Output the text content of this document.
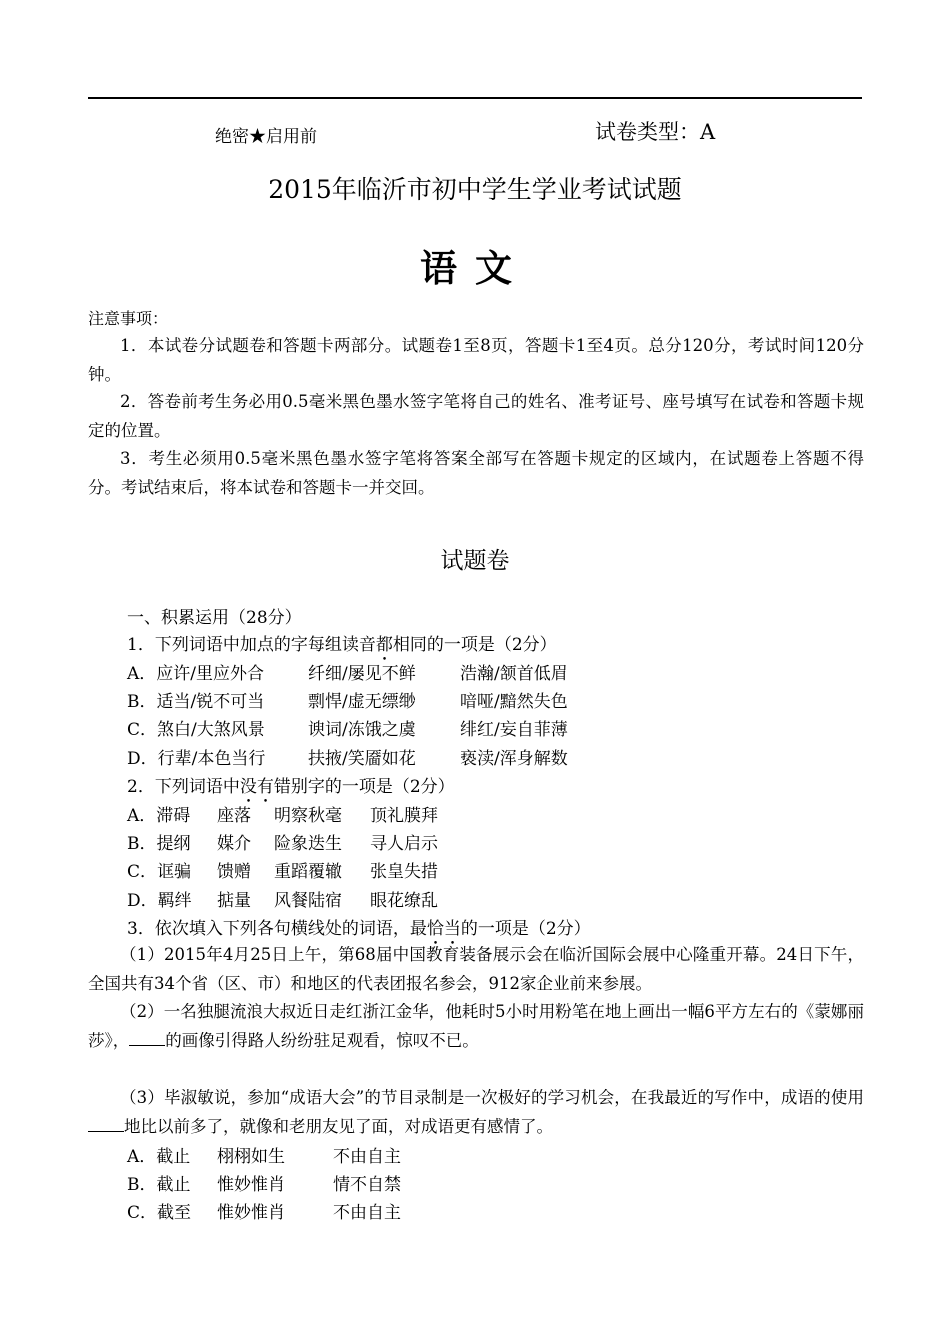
绝密★启用前	试卷类型：A
2015年临沂市初中学生学业考试试题
语文
注意事项：
1．本试卷分试题卷和答题卡两部分。试题卷1至8页，答题卡1至4页。总分120分，考试时间120分钟。
2．答卷前考生务必用0.5毫米黑色墨水签字笔将自己的姓名、准考证号、座号填写在试卷和答题卡规定的位置。
3．考生必须用0.5毫米黑色墨水签字笔将答案全部写在答题卡规定的区域内，在试题卷上答题不得分。考试结束后，将本试卷和答题卡一并交回。
试题卷
一、积累运用（28分）
1．下列词语中加点的字每组读音都相同的一项是（2分）
A．应许/里应外合	纤细/屡见不鲜	浩瀚/颔首低眉
B．适当/锐不可当	剽悍/虚无缥缈	喑哑/黯然失色
C．煞白/大煞风景	谀词/冻饿之虞	绯红/妄自菲薄
D．行辈/本色当行	扶掖/笑靥如花	亵渎/浑身解数
2．下列词语中没有错别字的一项是（2分）
A．滞碍 座落 明察秋毫 顶礼膜拜
B．提纲 媒介 险象迭生 寻人启示
C．诓骗 馈赠 重蹈覆辙 张皇失措
D．羁绊 掂量 风餐陆宿 眼花缭乱
3．依次填入下列各句横线处的词语，最恰当的一项是（2分）
（1）2015年4月25日上午，第68届中国教育装备展示会在临沂国际会展中心隆重开幕。24日下午，全国共有34个省（区、市）和地区的代表团报名参会，912家企业前来参展。
（2）一名独腿流浪大叔近日走红浙江金华，他耗时5小时用粉笔在地上画出一幅6平方左右的《蒙娜丽莎》， 的画像引得路人纷纷驻足观看，惊叹不已。
（3）毕淑敏说，参加“成语大会”的节目录制是一次极好的学习机会，在我最近的写作中，成语的使用地比以前多了，就像和老朋友见了面，对成语更有感情了。
A．截止 栩栩如生	不由自主
B．截止 惟妙惟肖	情不自禁
C．截至 惟妙惟肖	不由自主
